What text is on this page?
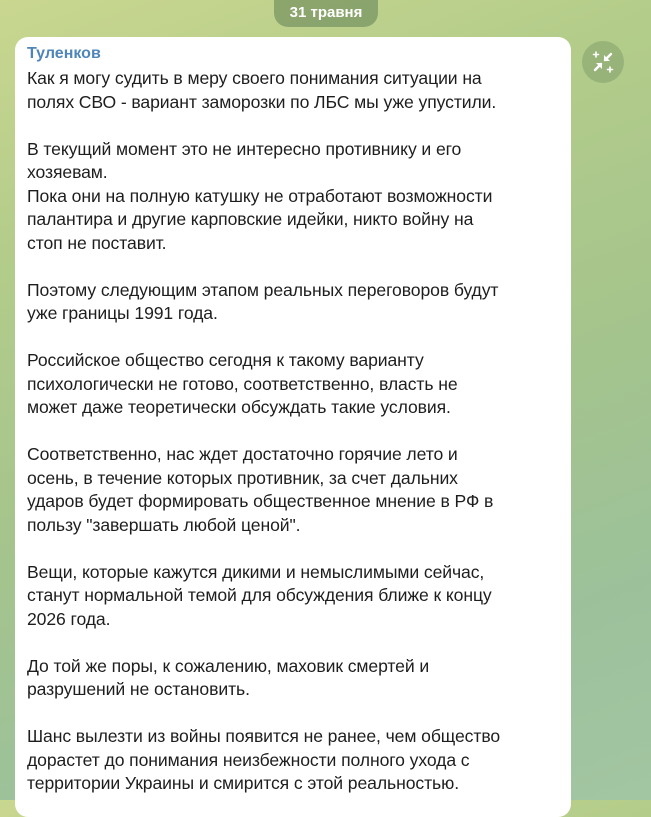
31 травня
Туленков

Как я могу судить в меру своего понимания ситуации на
полях СВО - вариант заморозки по ЛБС мы уже упустили.

В текущий момент это не интересно противнику и его
хозяевам.
Пока они на полную катушку не отработают возможности
палантира и другие карповские идейки, никто войну на
стоп не поставит.

Поэтому следующим этапом реальных переговоров будут
уже границы 1991 года.

Российское общество сегодня к такому варианту
психологически не готово, соответственно, власть не
может даже теоретически обсуждать такие условия.

Соответственно, нас ждет достаточно горячие лето и
осень, в течение которых противник, за счет дальних
ударов будет формировать общественное мнение в РФ в
пользу "завершать любой ценой".

Вещи, которые кажутся дикими и немыслимыми сейчас,
станут нормальной темой для обсуждения ближе к концу
2026 года.

До той же поры, к сожалению, маховик смертей и
разрушений не остановить.

Шанс вылезти из войны появится не ранее, чем общество
дорастет до понимания неизбежности полного ухода с
территории Украины и смирится с этой реальностью.
